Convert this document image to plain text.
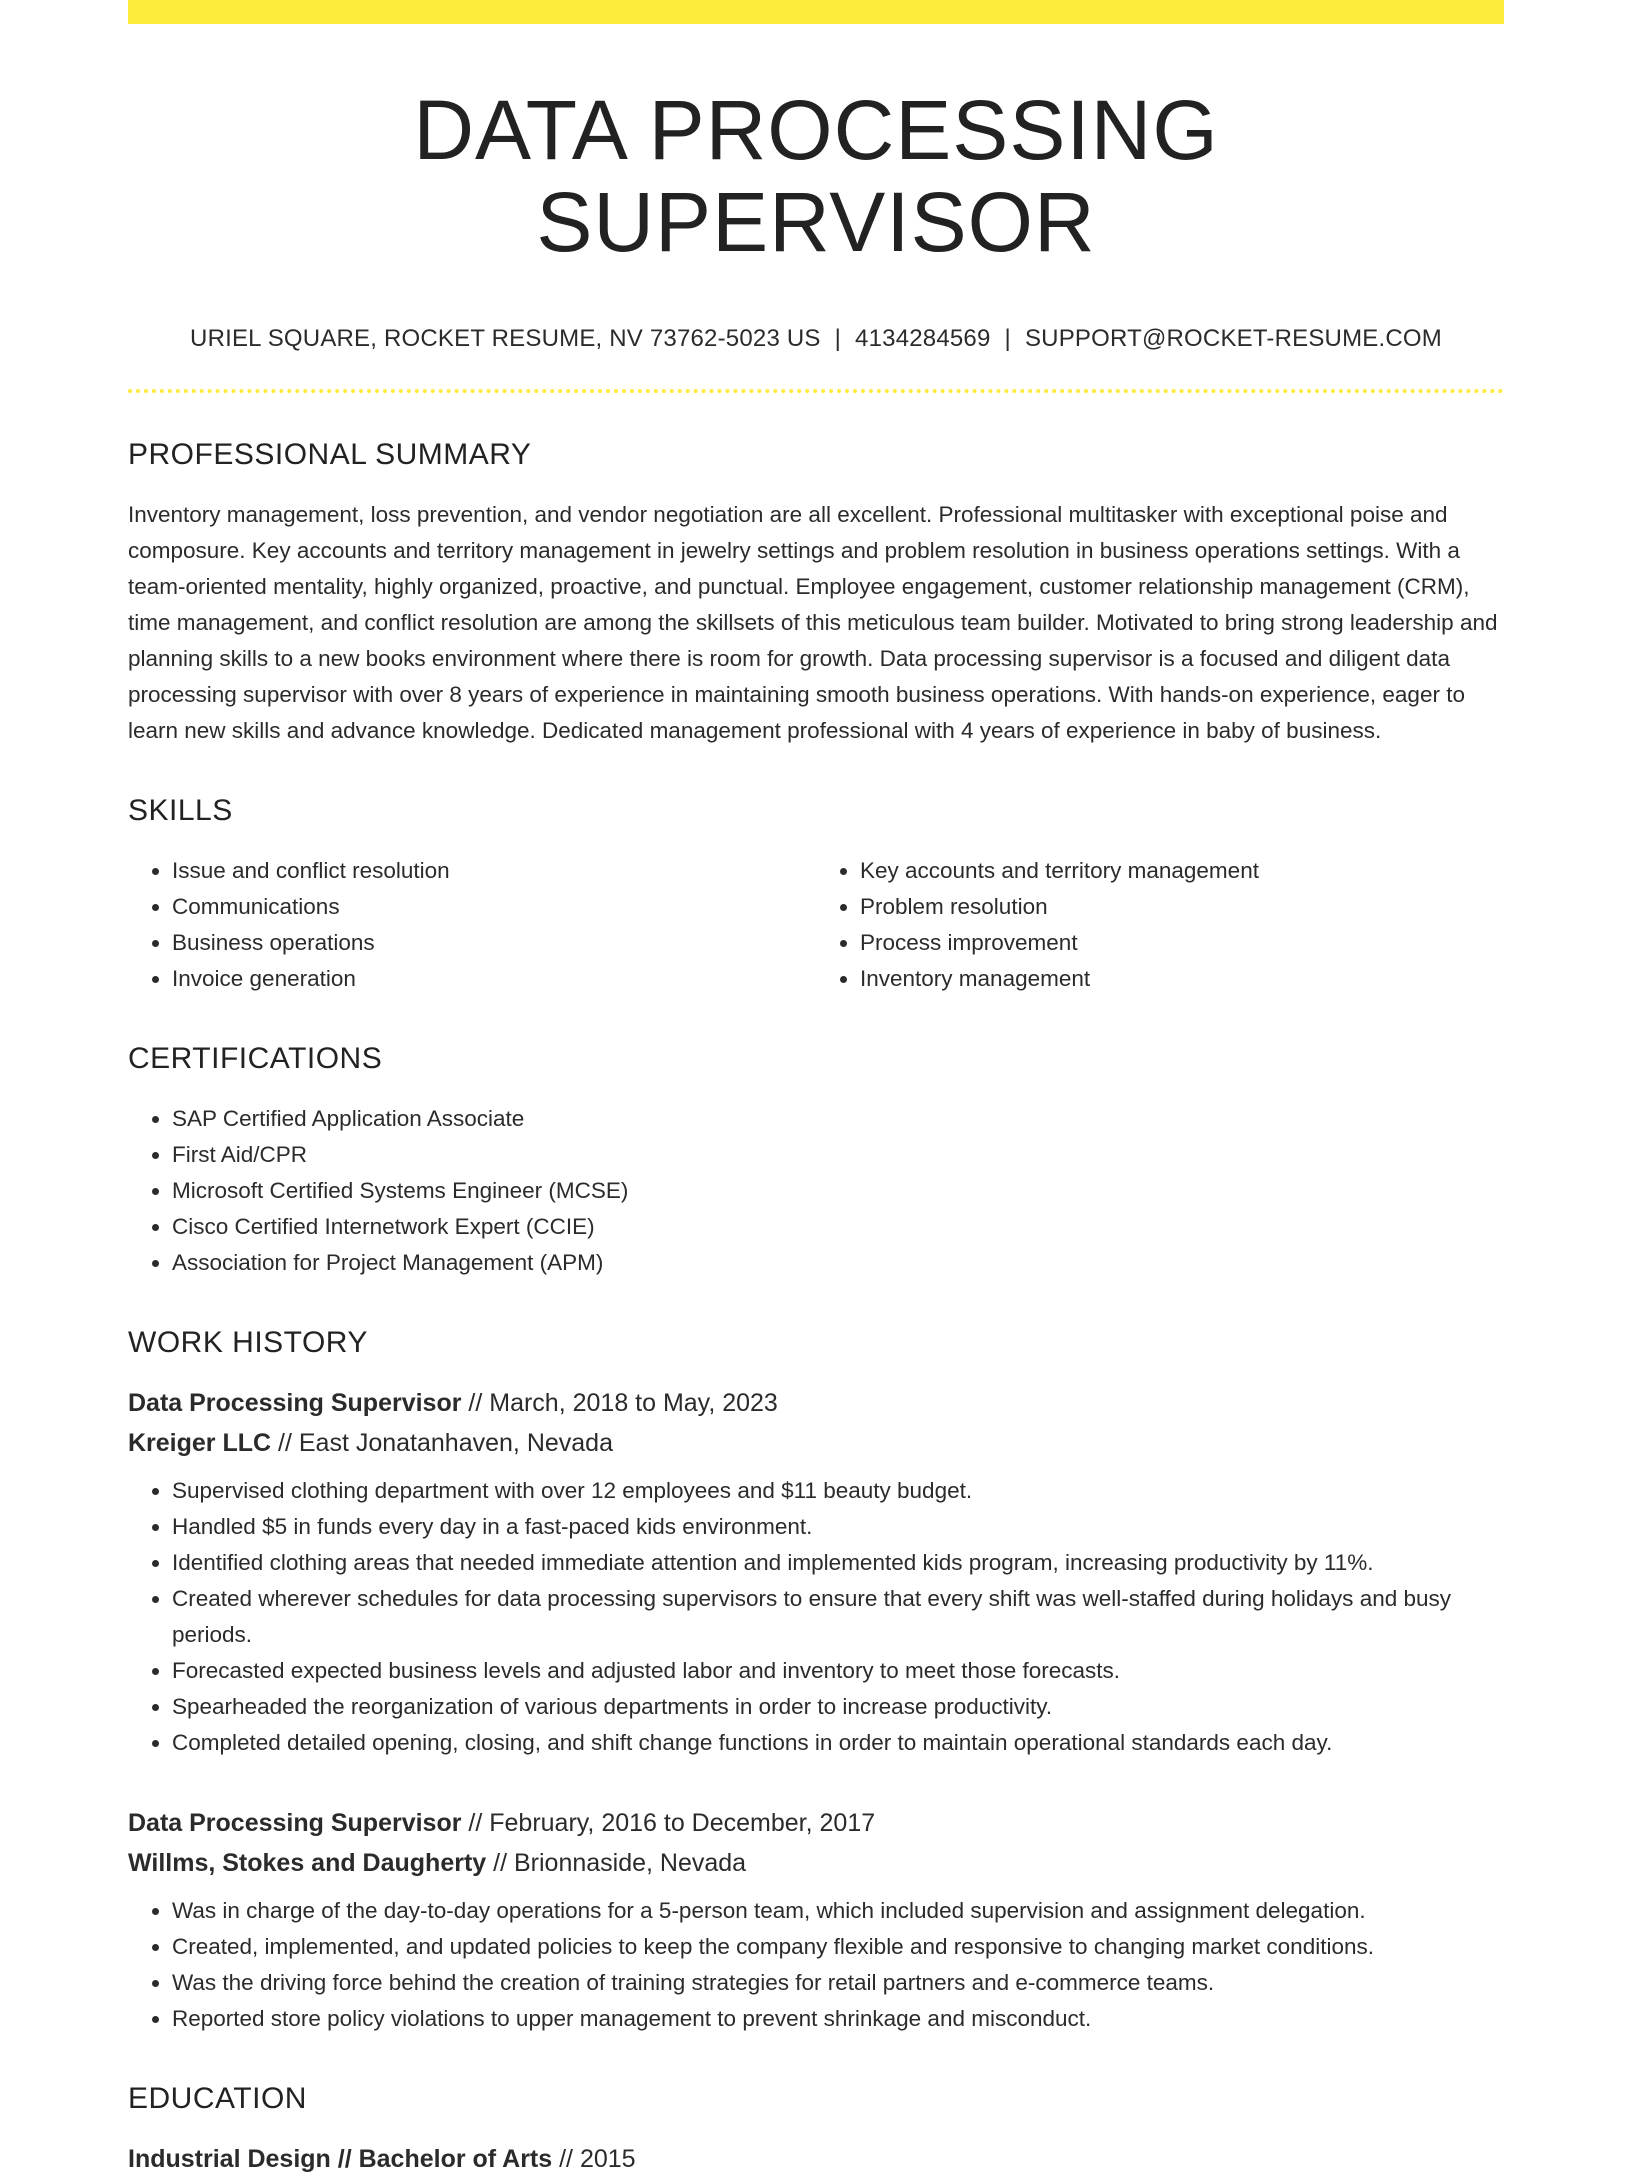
DATA PROCESSING SUPERVISOR
URIEL SQUARE, ROCKET RESUME, NV 73762-5023 US | 4134284569 | SUPPORT@ROCKET-RESUME.COM
PROFESSIONAL SUMMARY

Inventory management, loss prevention, and vendor negotiation are all excellent. Professional multitasker with exceptional poise and composure. Key accounts and territory management in jewelry settings and problem resolution in business operations settings. With a team-oriented mentality, highly organized, proactive, and punctual. Employee engagement, customer relationship management (CRM), time management, and conflict resolution are among the skillsets of this meticulous team builder. Motivated to bring strong leadership and planning skills to a new books environment where there is room for growth. Data processing supervisor is a focused and diligent data processing supervisor with over 8 years of experience in maintaining smooth business operations. With hands-on experience, eager to learn new skills and advance knowledge. Dedicated management professional with 4 years of experience in baby of business.

SKILLS
• Issue and conflict resolution
• Communications
• Business operations
• Invoice generation
• Key accounts and territory management
• Problem resolution
• Process improvement
• Inventory management
CERTIFICATIONS
• SAP Certified Application Associate
• First Aid/CPR
• Microsoft Certified Systems Engineer (MCSE)
• Cisco Certified Internetwork Expert (CCIE)
• Association for Project Management (APM)
WORK HISTORY
Data Processing Supervisor // March, 2018 to May, 2023
Kreiger LLC // East Jonatanhaven, Nevada
• Supervised clothing department with over 12 employees and $11 beauty budget.
• Handled $5 in funds every day in a fast-paced kids environment.
• Identified clothing areas that needed immediate attention and implemented kids program, increasing productivity by 11%.
• Created wherever schedules for data processing supervisors to ensure that every shift was well-staffed during holidays and busy periods.
• Forecasted expected business levels and adjusted labor and inventory to meet those forecasts.
• Spearheaded the reorganization of various departments in order to increase productivity.
• Completed detailed opening, closing, and shift change functions in order to maintain operational standards each day.
Data Processing Supervisor // February, 2016 to December, 2017
Willms, Stokes and Daugherty // Brionnaside, Nevada
• Was in charge of the day-to-day operations for a 5-person team, which included supervision and assignment delegation.
• Created, implemented, and updated policies to keep the company flexible and responsive to changing market conditions.
• Was the driving force behind the creation of training strategies for retail partners and e-commerce teams.
• Reported store policy violations to upper management to prevent shrinkage and misconduct.
EDUCATION
Industrial Design // Bachelor of Arts // 2015
